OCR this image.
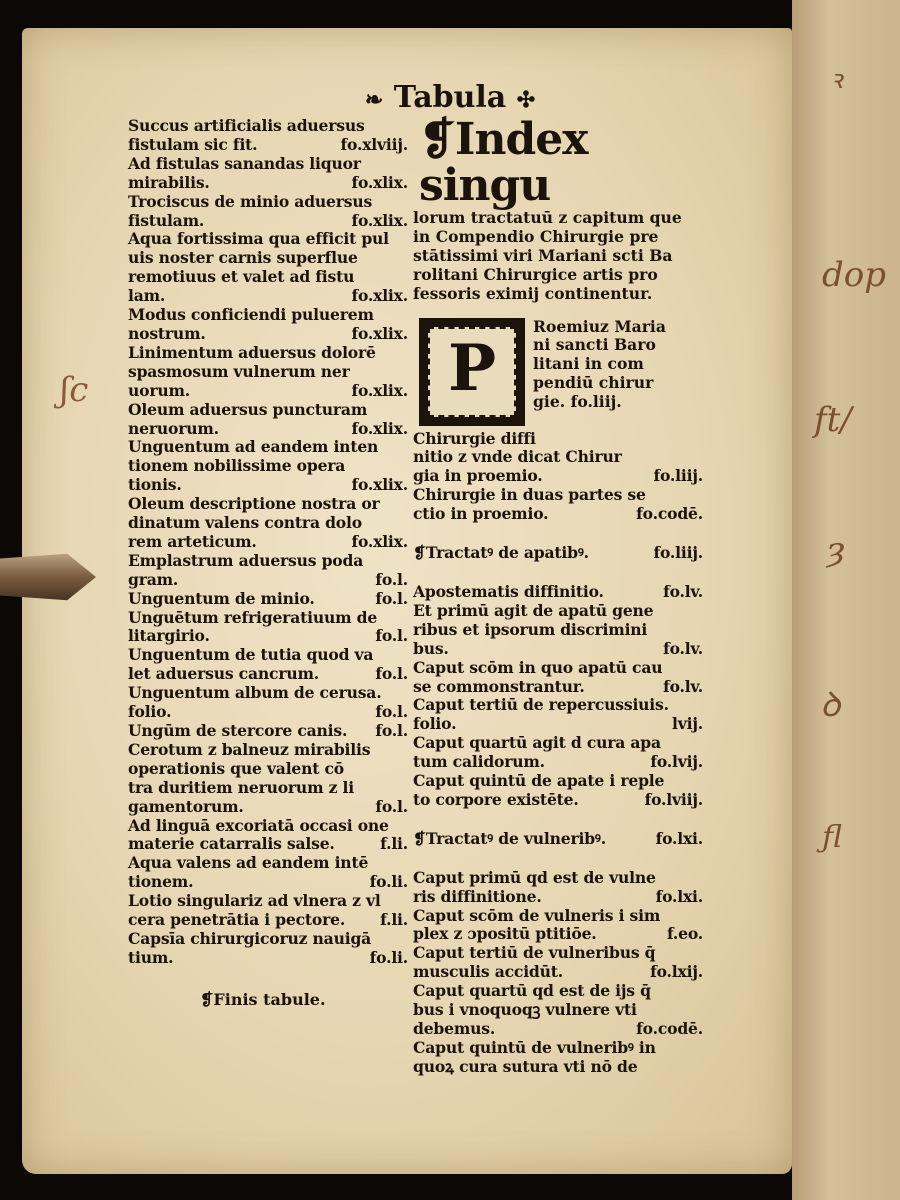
ꝛ
dop
ft/
ȝ
ꝺ
ƒl
ʃc
❧ Tabula ✣
Succus artificialis aduersus
fistulam sic fit.	fo.xlviij.
Ad fistulas sanandas liquor
mirabilis.	fo.xlix.
Trociscus de minio aduersus
fistulam.	fo.xlix.
Aqua fortissima qua efficit pul
uis noster carnis superflue
remotiuus et valet ad fistu
lam.	fo.xlix.
Modus conficiendi puluerem
nostrum.	fo.xlix.
Linimentum aduersus dolorē
spasmosum vulnerum ner
uorum.	fo.xlix.
Oleum aduersus puncturam
neruorum.	fo.xlix.
Unguentum ad eandem inten
tionem nobilissime opera
tionis.	fo.xlix.
Oleum descriptione nostra or
dinatum valens contra dolo
rem arteticum.	fo.xlix.
Emplastrum aduersus poda
gram.	fo.l.
Unguentum de minio.	fo.l.
Unguētum refrigeratiuum de
litargirio.	fo.l.
Unguentum de tutia quod va
let aduersus cancrum.	fo.l.
Unguentum album de cerusa.
folio.	fo.l.
Ungūm de stercore canis. fo.l.
Cerotum z balneuz mirabilis
operationis que valent cō
tra duritiem neruorum z li
gamentorum.	fo.l.
Ad linguā excoriatā occasi one
materie catarralis salse.	f.li.
Aqua valens ad eandem intē
tionem.	fo.li.
Lotio singulariz ad vlnera z vl
cera penetrātia i pectore. f.li.
Capsīa chirurgicoruz nauigā
tium.	fo.li.
❡Finis tabule.
❡Index singu
lorum tractatuū z capitum que
in Compendio Chirurgie pre
stātissimi viri Mariani scti Ba
rolitani Chirurgice artis pro
fessoris eximij continentur.
P
Roemiuz Maria
ni sancti Baro
litani in com
pendiū chirur
gie. fo.liij.
Chirurgie diffi
nitio z vnde dicat Chirur
gia in proemio.	fo.liij.
Chirurgie in duas partes se
ctio in proemio.	fo.codē.
❡Tractatꝰ de apatibꝰ.	fo.liij.
Apostematis diffinitio.	fo.lv.
Et primū agit de apatū gene
ribus et ipsorum discrimini
bus.	fo.lv.
Caput scōm in quo apatū cau
se commonstrantur.	fo.lv.
Caput tertiū de repercussiuis.
folio.	lvij.
Caput quartū agit d cura apa
tum calidorum.	fo.lvij.
Caput quintū de apate i reple
to corpore existēte.	fo.lviij.
❡Tractatꝰ de vulneribꝰ.	fo.lxi.
Caput primū qd est de vulne
ris diffinitione.	fo.lxi.
Caput scōm de vulneris i sim
plex z ɔpositū ptitiōe.	f.eo.
Caput tertiū de vulneribus q̄
musculis accidūt.	fo.lxij.
Caput quartū qd est de ijs q̄
bus i vnoquoqꝫ vulnere vti
debemus.	fo.codē.
Caput quintū de vulneribꝰ in
quoꝝ cura sutura vti nō de
